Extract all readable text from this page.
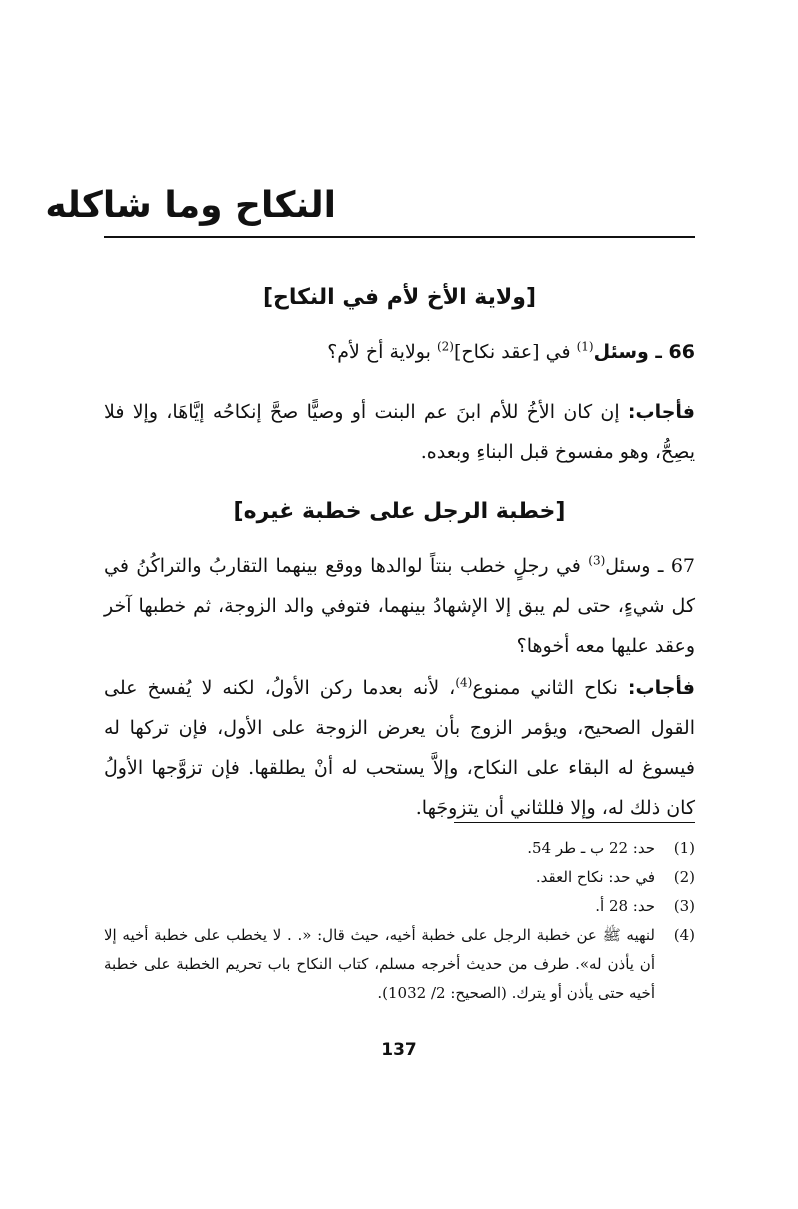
النكاح وما شاكله
[ولاية الأخ لأم في النكاح]

66 ـ وسئل$^{(1)}$ في [عقد نكاح]$^{(2)}$ بولاية أخ لأم؟

فأجاب: إن كان الأخُ للأم ابنَ عم البنت أو وصيًّا صحَّ إنكاحُه إيَّاهَا، وإلا فلا يصِحُّ، وهو مفسوخ قبل البناءِ وبعده.

[خطبة الرجل على خطبة غيره]

67 ـ وسئل$^{(3)}$ في رجلٍ خطب بنتاً لوالدها ووقع بينهما التقاربُ والتراكُنُ في كل شيءٍ، حتى لم يبق إلا الإشهادُ بينهما، فتوفي والد الزوجة، ثم خطبها آخر وعقد عليها معه أخوها؟

فأجاب: نكاح الثاني ممنوع$^{(4)}$، لأنه بعدما ركن الأولُ، لكنه لا يُفسخ على القول الصحيح، ويؤمر الزوج بأن يعرض الزوجة على الأول، فإن تركها له فيسوغ له البقاء على النكاح، وإلاَّ يستحب له أنْ يطلقها. فإن تزوَّجها الأولُ كان ذلك له، وإلا فللثاني أن يتزوجَها.

(1)
حد: 22 ب ـ طر 54.
(2)
في حد: نكاح العقد.
(3)
حد: 28 أ.
(4)
لنهيه ﷺ عن خطبة الرجل على خطبة أخيه، حيث قال: «. . لا يخطب على خطبة أخيه إلا أن يأذن له». طرف من حديث أخرجه مسلم، كتاب النكاح باب تحريم الخطبة على خطبة أخيه حتى يأذن أو يترك. (الصحيح: 2/ 1032).
137
